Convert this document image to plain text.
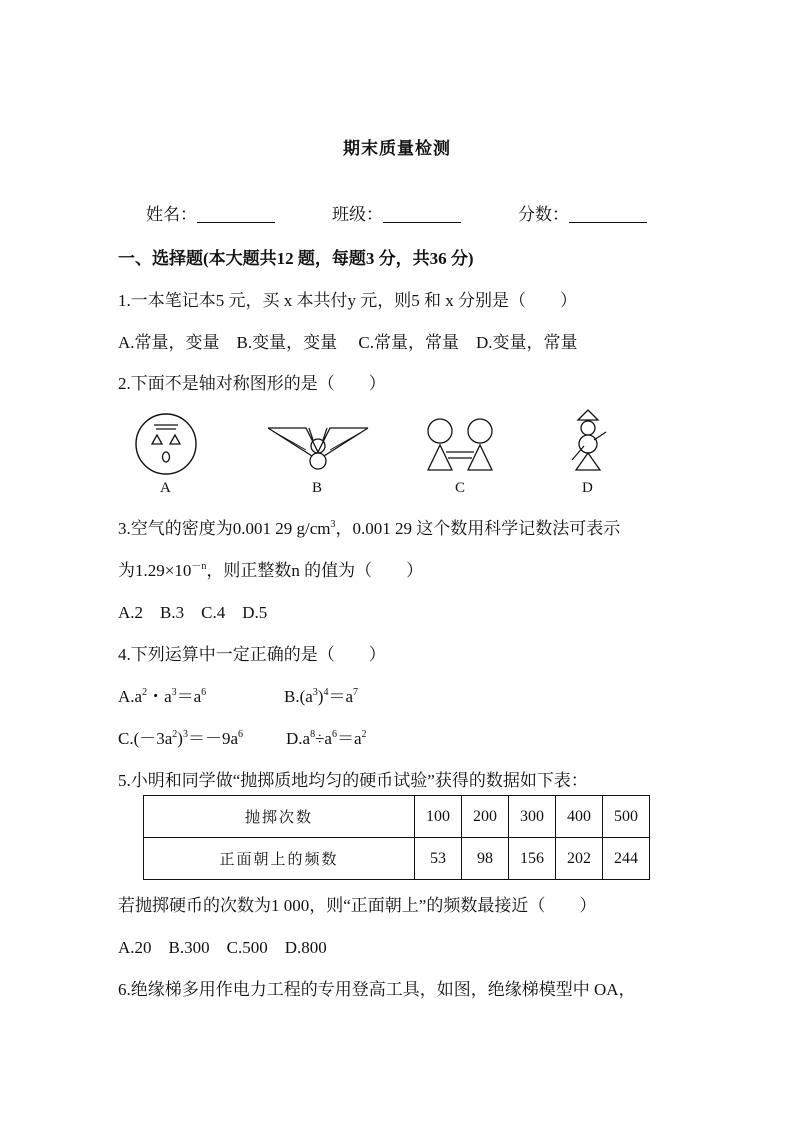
期末质量检测
姓名：	班级：	分数：
一、选择题(本大题共12 题，每题3 分，共36 分)
1.一本笔记本5 元，买 x 本共付y 元，则5 和 x 分别是（　　）
A.常量，变量　B.变量，变量　 C.常量，常量　D.变量，常量
2.下面不是轴对称图形的是（　　）
A	B	C	D
3.空气的密度为0.001 29 $g/cm^3$，0.001 29 这个数用科学记数法可表示
为$1.29\times 10^{-n}$，则正整数n 的值为（　　）
A.2　B.3　C.4　D.5
4.下列运算中一定正确的是（　　）
$A.a^2$・$a^3=a^6$	$B.(a^3)^4=a^7$
$C.(-3a^2)^3=-9a^6$	$D.a^8\div a^6=a^2$
5.小明和同学做“抛掷质地均匀的硬币试验”获得的数据如下表：
抛掷次数	100	200	300	400	500
正面朝上的频数	53	98	156	202	244
若抛掷硬币的次数为1 000，则“正面朝上”的频数最接近（　　）
A.20　B.300　C.500　D.800
6.绝缘梯多用作电力工程的专用登高工具，如图，绝缘梯模型中 OA，
